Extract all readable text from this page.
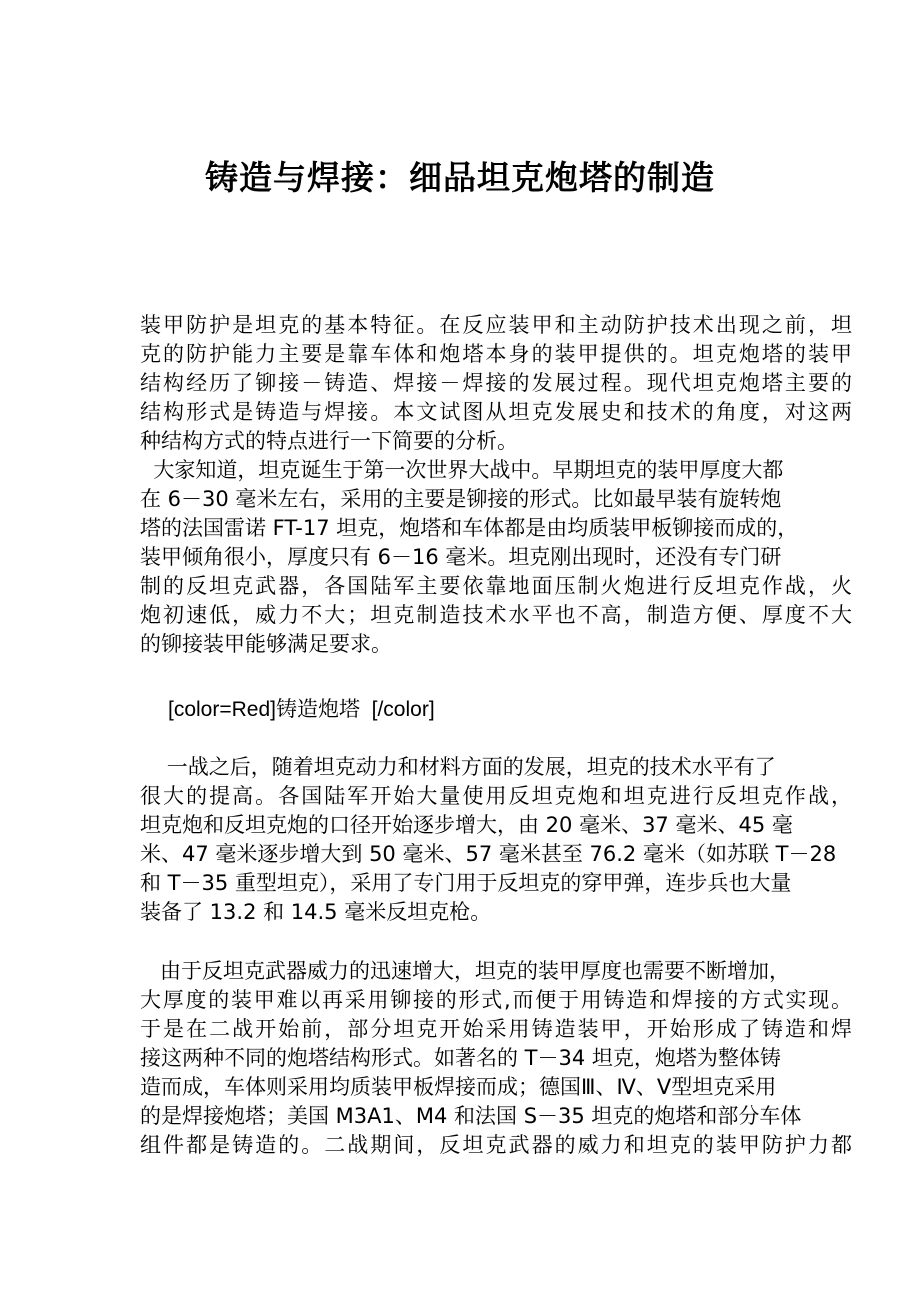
铸造与焊接：细品坦克炮塔的制造
装甲防护是坦克的基本特征。在反应装甲和主动防护技术出现之前，坦
克的防护能力主要是靠车体和炮塔本身的装甲提供的。坦克炮塔的装甲
结构经历了铆接－铸造、焊接－焊接的发展过程。现代坦克炮塔主要的
结构形式是铸造与焊接。本文试图从坦克发展史和技术的角度，对这两
种结构方式的特点进行一下简要的分析。
大家知道，坦克诞生于第一次世界大战中。早期坦克的装甲厚度大都
在 6－30 毫米左右，采用的主要是铆接的形式。比如最早装有旋转炮
塔的法国雷诺 FT-17 坦克，炮塔和车体都是由均质装甲板铆接而成的，
装甲倾角很小，厚度只有 6－16 毫米。坦克刚出现时，还没有专门研
制的反坦克武器，各国陆军主要依靠地面压制火炮进行反坦克作战，火
炮初速低，威力不大；坦克制造技术水平也不高，制造方便、厚度不大
的铆接装甲能够满足要求。
[color=Red]铸造炮塔  [/color]
一战之后，随着坦克动力和材料方面的发展，坦克的技术水平有了
很大的提高。各国陆军开始大量使用反坦克炮和坦克进行反坦克作战，
坦克炮和反坦克炮的口径开始逐步增大，由 20 毫米、37 毫米、45 毫
米、47 毫米逐步增大到 50 毫米、57 毫米甚至 76.2 毫米（如苏联 T－28
和 T－35 重型坦克），采用了专门用于反坦克的穿甲弹，连步兵也大量
装备了 13.2 和 14.5 毫米反坦克枪。
由于反坦克武器威力的迅速增大，坦克的装甲厚度也需要不断增加，
大厚度的装甲难以再采用铆接的形式,而便于用铸造和焊接的方式实现。
于是在二战开始前，部分坦克开始采用铸造装甲，开始形成了铸造和焊
接这两种不同的炮塔结构形式。如著名的 T－34 坦克，炮塔为整体铸
造而成，车体则采用均质装甲板焊接而成；德国Ⅲ、Ⅳ、Ⅴ型坦克采用
的是焊接炮塔；美国 M3A1、M4 和法国 S－35 坦克的炮塔和部分车体
组件都是铸造的。二战期间，反坦克武器的威力和坦克的装甲防护力都
